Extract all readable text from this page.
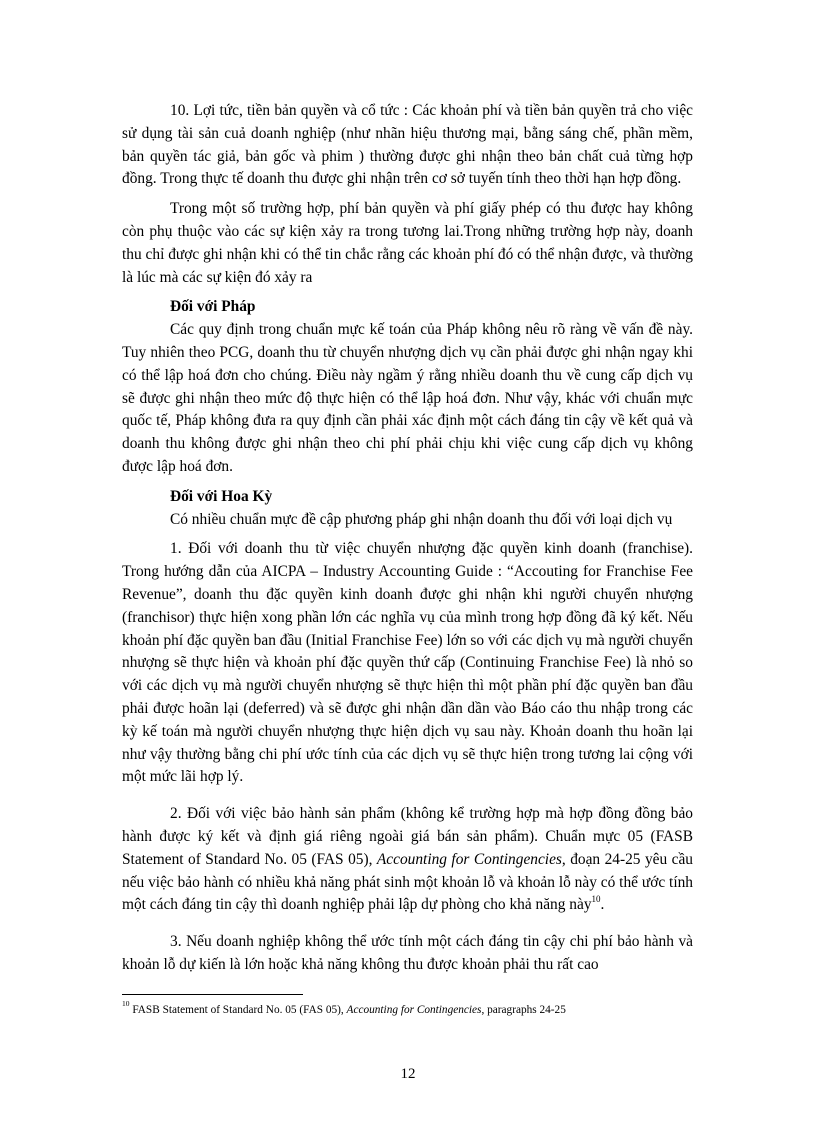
10. Lợi tức, tiền bản quyền và cổ tức : Các khoản phí và tiền bản quyền trả cho việc sử dụng tài sản cuả doanh nghiệp (như nhãn hiệu thương mại, bằng sáng chế, phần mềm, bản quyền tác giả, bản gốc và phim ) thường được ghi nhận theo bản chất cuả từng hợp đồng. Trong thực tế doanh thu được ghi nhận trên cơ sở tuyến tính theo thời hạn hợp đồng.

Trong một số trường hợp, phí bản quyền và phí giấy phép có thu được hay không còn phụ thuộc vào các sự kiện xảy ra trong tương lai.Trong những trường hợp này, doanh thu chỉ được ghi nhận khi có thể tin chắc rằng các khoản phí đó có thể nhận được, và thường là lúc mà các sự kiện đó xảy ra

Đối với Pháp

Các quy định trong chuẩn mực kế toán của Pháp không nêu rõ ràng về vấn đề này. Tuy nhiên theo PCG, doanh thu từ chuyển nhượng dịch vụ cần phải được ghi nhận ngay khi có thể lập hoá đơn cho chúng. Điều này ngầm ý rằng nhiều doanh thu về cung cấp dịch vụ sẽ được ghi nhận theo mức độ thực hiện có thể lập hoá đơn. Như vậy, khác với chuẩn mực quốc tế, Pháp không đưa ra quy định cần phải xác định một cách đáng tin cậy về kết quả và doanh thu không được ghi nhận theo chi phí phải chịu khi việc cung cấp dịch vụ không được lập hoá đơn.

Đối với Hoa Kỳ

Có nhiều chuẩn mực đề cập phương pháp ghi nhận doanh thu đối với loại dịch vụ

1. Đối với doanh thu từ việc chuyển nhượng đặc quyền kinh doanh (franchise). Trong hướng dẫn của AICPA – Industry Accounting Guide : “Accouting for Franchise Fee Revenue”, doanh thu đặc quyền kinh doanh được ghi nhận khi người chuyển nhượng (franchisor) thực hiện xong phần lớn các nghĩa vụ của mình trong hợp đồng đã ký kết. Nếu khoản phí đặc quyền ban đầu (Initial Franchise Fee) lớn so với các dịch vụ mà người chuyển nhượng sẽ thực hiện và khoản phí đặc quyền thứ cấp (Continuing Franchise Fee) là nhỏ so với các dịch vụ mà người chuyển nhượng sẽ thực hiện thì một phần phí đặc quyền ban đầu phải được hoãn lại (deferred) và sẽ được ghi nhận dần dần vào Báo cáo thu nhập trong các kỳ kế toán mà người chuyển nhượng thực hiện dịch vụ sau này. Khoản doanh thu hoãn lại như vậy thường bằng chi phí ước tính của các dịch vụ sẽ thực hiện trong tương lai cộng với một mức lãi hợp lý.

2. Đối với việc bảo hành sản phẩm (không kể trường hợp mà hợp đồng đồng bảo hành được ký kết và định giá riêng ngoài giá bán sản phẩm). Chuẩn mực 05 (FASB Statement of Standard No. 05 (FAS 05), Accounting for Contingencies, đoạn 24-25 yêu cầu nếu việc bảo hành có nhiều khả năng phát sinh một khoản lỗ và khoản lỗ này có thể ước tính một cách đáng tin cậy thì doanh nghiệp phải lập dự phòng cho khả năng này$^{10}$.

3. Nếu doanh nghiệp không thể ước tính một cách đáng tin cậy chi phí bảo hành và khoản lỗ dự kiến là lớn hoặc khả năng không thu được khoản phải thu rất cao

$^{10}$ FASB Statement of Standard No. 05 (FAS 05), Accounting for Contingencies, paragraphs 24-25
12
